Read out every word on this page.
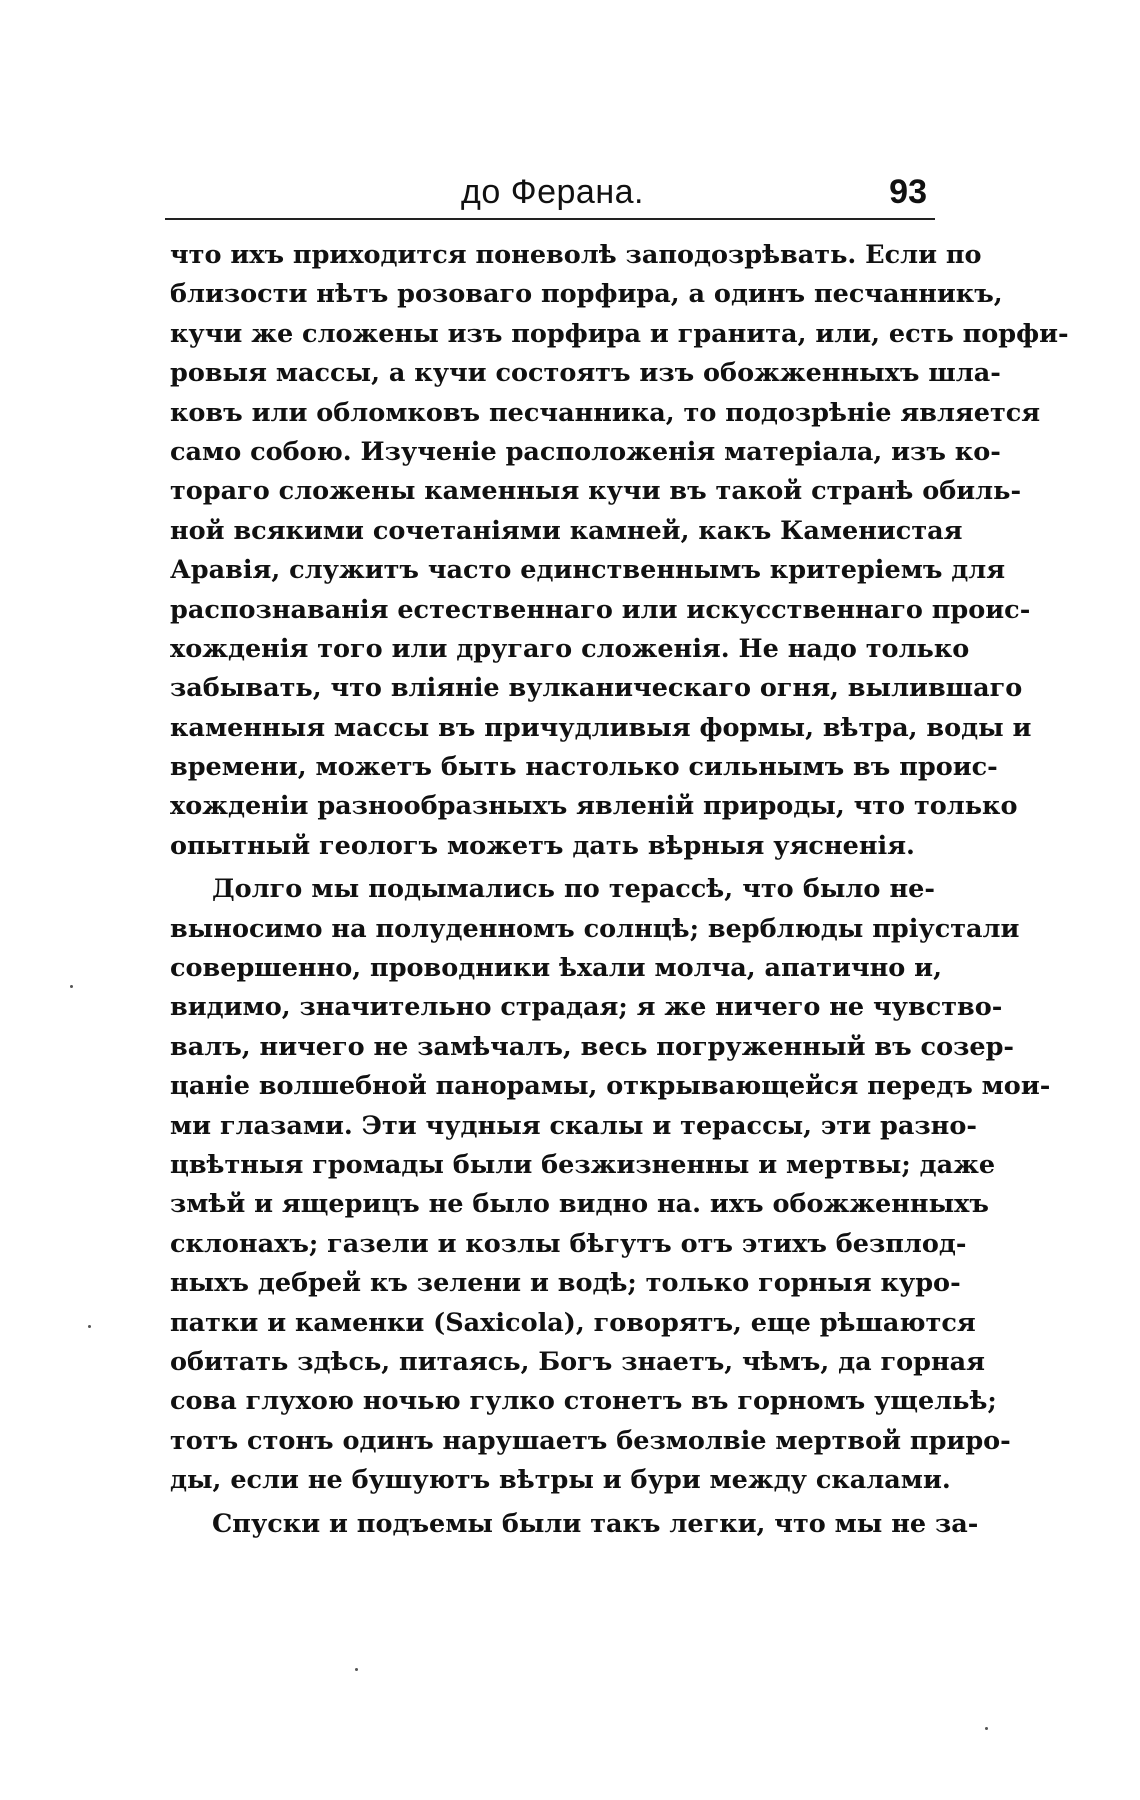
до Ферана.	93
что ихъ приходится поневолѣ заподозрѣвать. Если по
близости нѣтъ розоваго порфира, а одинъ песчанникъ,
кучи же сложены изъ порфира и гранита, или, есть порфи-
ровыя массы, а кучи состоятъ изъ обожженныхъ шла-
ковъ или обломковъ песчанника, то подозрѣніе является
само собою. Изученіе расположенія матеріала, изъ ко-
тораго сложены каменныя кучи въ такой странѣ обиль-
ной всякими сочетаніями камней, какъ Каменистая
Аравія, служитъ часто единственнымъ критеріемъ для
распознаванія естественнаго или искусственнаго проис-
хожденія того или другаго сложенія. Не надо только
забывать, что вліяніе вулканическаго огня, вылившаго
каменныя массы въ причудливыя формы, вѣтра, воды и
времени, можетъ быть настолько сильнымъ въ проис-
хожденіи разнообразныхъ явленій природы, что только
опытный геологъ можетъ дать вѣрныя уясненія.
Долго мы подымались по терассѣ, что было не-
выносимо на полуденномъ солнцѣ; верблюды пріустали
совершенно, проводники ѣхали молча, апатично и,
видимо, значительно страдая; я же ничего не чувство-
валъ, ничего не замѣчалъ, весь погруженный въ созер-
цаніе волшебной панорамы, открывающейся передъ мои-
ми глазами. Эти чудныя скалы и терассы, эти разно-
цвѣтныя громады были безжизненны и мертвы; даже
змѣй и ящерицъ не было видно на. ихъ обожженныхъ
склонахъ; газели и козлы бѣгутъ отъ этихъ безплод-
ныхъ дебрей къ зелени и водѣ; только горныя куро-
патки и каменки (Saxicola), говорятъ, еще рѣшаются
обитать здѣсь, питаясь, Богъ знаетъ, чѣмъ, да горная
сова глухою ночью гулко стонетъ въ горномъ ущельѣ;
тотъ стонъ одинъ нарушаетъ безмолвіе мертвой приро-
ды, если не бушуютъ вѣтры и бури между скалами.
Спуски и подъемы были такъ легки, что мы не за-
